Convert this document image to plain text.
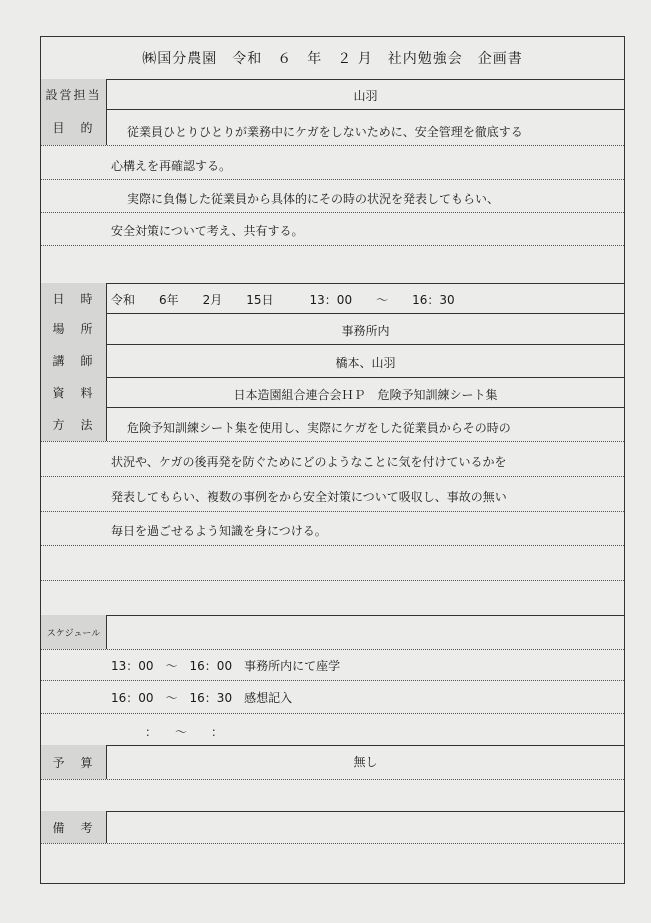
㈱国分農園　令和　６　年　２ 月　社内勉強会　企画書
設営担当	山羽
目　的	従業員ひとりひとりが業務中にケガをしないために、安全管理を徹底する
心構えを再確認する。
実際に負傷した従業員から具体的にその時の状況を発表してもらい、
安全対策について考え、共有する。
日　時	令和　　6年　　2月　　15日　　　13：00　　～　　16：30
場　所	事務所内
講　師	橋本、山羽
資　料	日本造園組合連合会ＨＰ　危険予知訓練シート集
方　法	危険予知訓練シート集を使用し、実際にケガをした従業員からその時の
状況や、ケガの後再発を防ぐためにどのようなことに気を付けているかを
発表してもらい、複数の事例をから安全対策について吸収し、事故の無い
毎日を過ごせるよう知識を身につける。
スケジュール
13：00　～　16：00　事務所内にて座学
16：00　～　16：30　感想記入
：　　～　　：
予　算	無し
備　考
